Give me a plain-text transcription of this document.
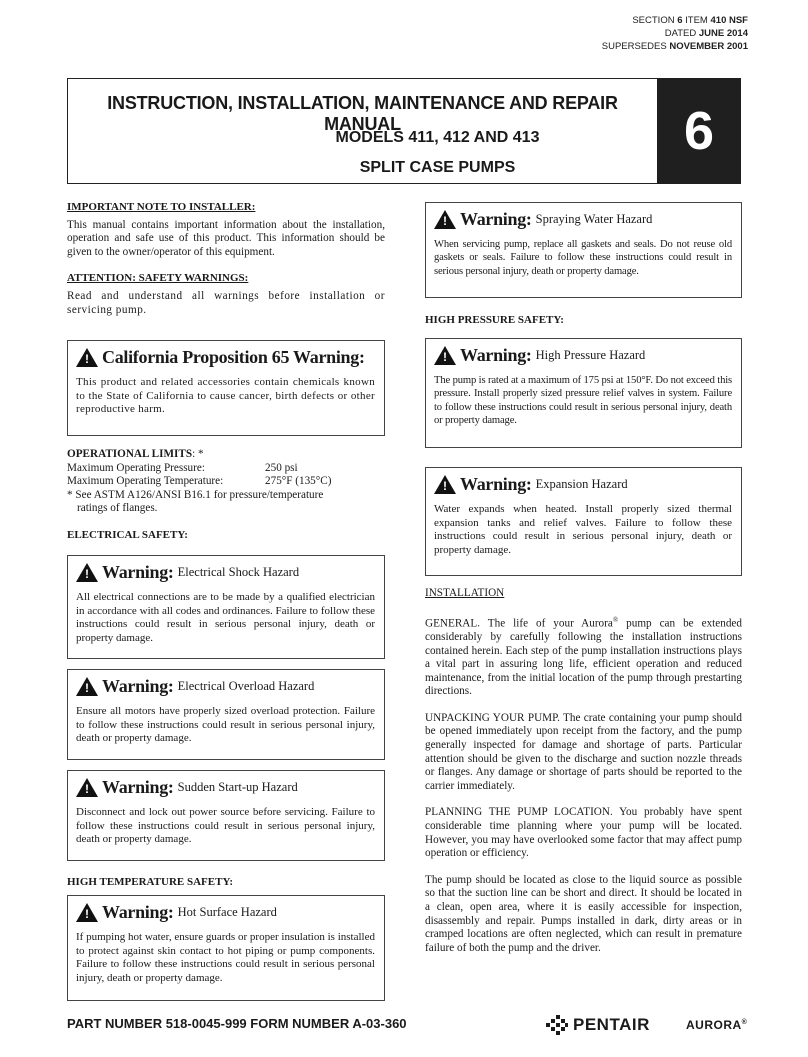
SECTION 6 ITEM 410 NSF
DATED JUNE 2014
SUPERSEDES NOVEMBER 2001
INSTRUCTION, INSTALLATION, MAINTENANCE AND REPAIR MANUAL
MODELS 411, 412 AND 413
SPLIT CASE PUMPS
6

IMPORTANT NOTE TO INSTALLER:

This manual contains important information about the installation, operation and safe use of this product. This information should be given to the owner/operator of this equipment.

ATTENTION: SAFETY WARNINGS:

Read and understand all warnings before installation or servicing pump.

! California Proposition 65 Warning:
This product and related accessories contain chemicals known to the State of California to cause cancer, birth defects or other reproductive harm.

OPERATIONAL LIMITS: *

Maximum Operating Pressure:	250 psi
Maximum Operating Temperature:	275°F (135°C)

* See ASTM A126/ANSI B16.1 for pressure/temperature

ratings of flanges.

ELECTRICAL SAFETY:

! Warning: Electrical Shock Hazard
All electrical connections are to be made by a qualified electrician in accordance with all codes and ordinances. Failure to follow these instructions could result in serious personal injury, death or property damage.
! Warning: Electrical Overload Hazard
Ensure all motors have properly sized overload protection. Failure to follow these instructions could result in serious personal injury, death or property damage.
! Warning: Sudden Start-up Hazard
Disconnect and lock out power source before servicing. Failure to follow these instructions could result in serious personal injury, death or property damage.

HIGH TEMPERATURE SAFETY:

! Warning: Hot Surface Hazard
If pumping hot water, ensure guards or proper insulation is installed to protect against skin contact to hot piping or pump components. Failure to follow these instructions could result in serious personal injury, death or property damage.
! Warning: Spraying Water Hazard
When servicing pump, replace all gaskets and seals. Do not reuse old gaskets or seals. Failure to follow these instructions could result in serious personal injury, death or property damage.

HIGH PRESSURE SAFETY:

! Warning: High Pressure Hazard
The pump is rated at a maximum of 175 psi at 150°F. Do not exceed this pressure. Install properly sized pressure relief valves in system. Failure to follow these instructions could result in serious personal injury, death or property damage.
! Warning: Expansion Hazard
Water expands when heated. Install properly sized thermal expansion tanks and relief valves. Failure to follow these instructions could result in serious personal injury, death or property damage.

INSTALLATION

GENERAL. The life of your Aurora® pump can be extended considerably by carefully following the installation instructions contained herein. Each step of the pump installation instructions plays a vital part in assuring long life, efficient operation and reduced maintenance, from the initial location of the pump through prestarting directions.

UNPACKING YOUR PUMP. The crate containing your pump should be opened immediately upon receipt from the factory, and the pump generally inspected for damage and shortage of parts. Particular attention should be given to the discharge and suction nozzle threads or flanges. Any damage or shortage of parts should be reported to the carrier immediately.

PLANNING THE PUMP LOCATION. You probably have spent considerable time planning where your pump will be located. However, you may have overlooked some factor that may affect pump operation or efficiency.

The pump should be located as close to the liquid source as possible so that the suction line can be short and direct. It should be located in a clean, open area, where it is easily accessible for inspection, disassembly and repair. Pumps installed in dark, dirty areas or in cramped locations are often neglected, which can result in premature failure of both the pump and the driver.

PART NUMBER 518-0045-999 FORM NUMBER A-03-360	PENTAIR	AURORA®
